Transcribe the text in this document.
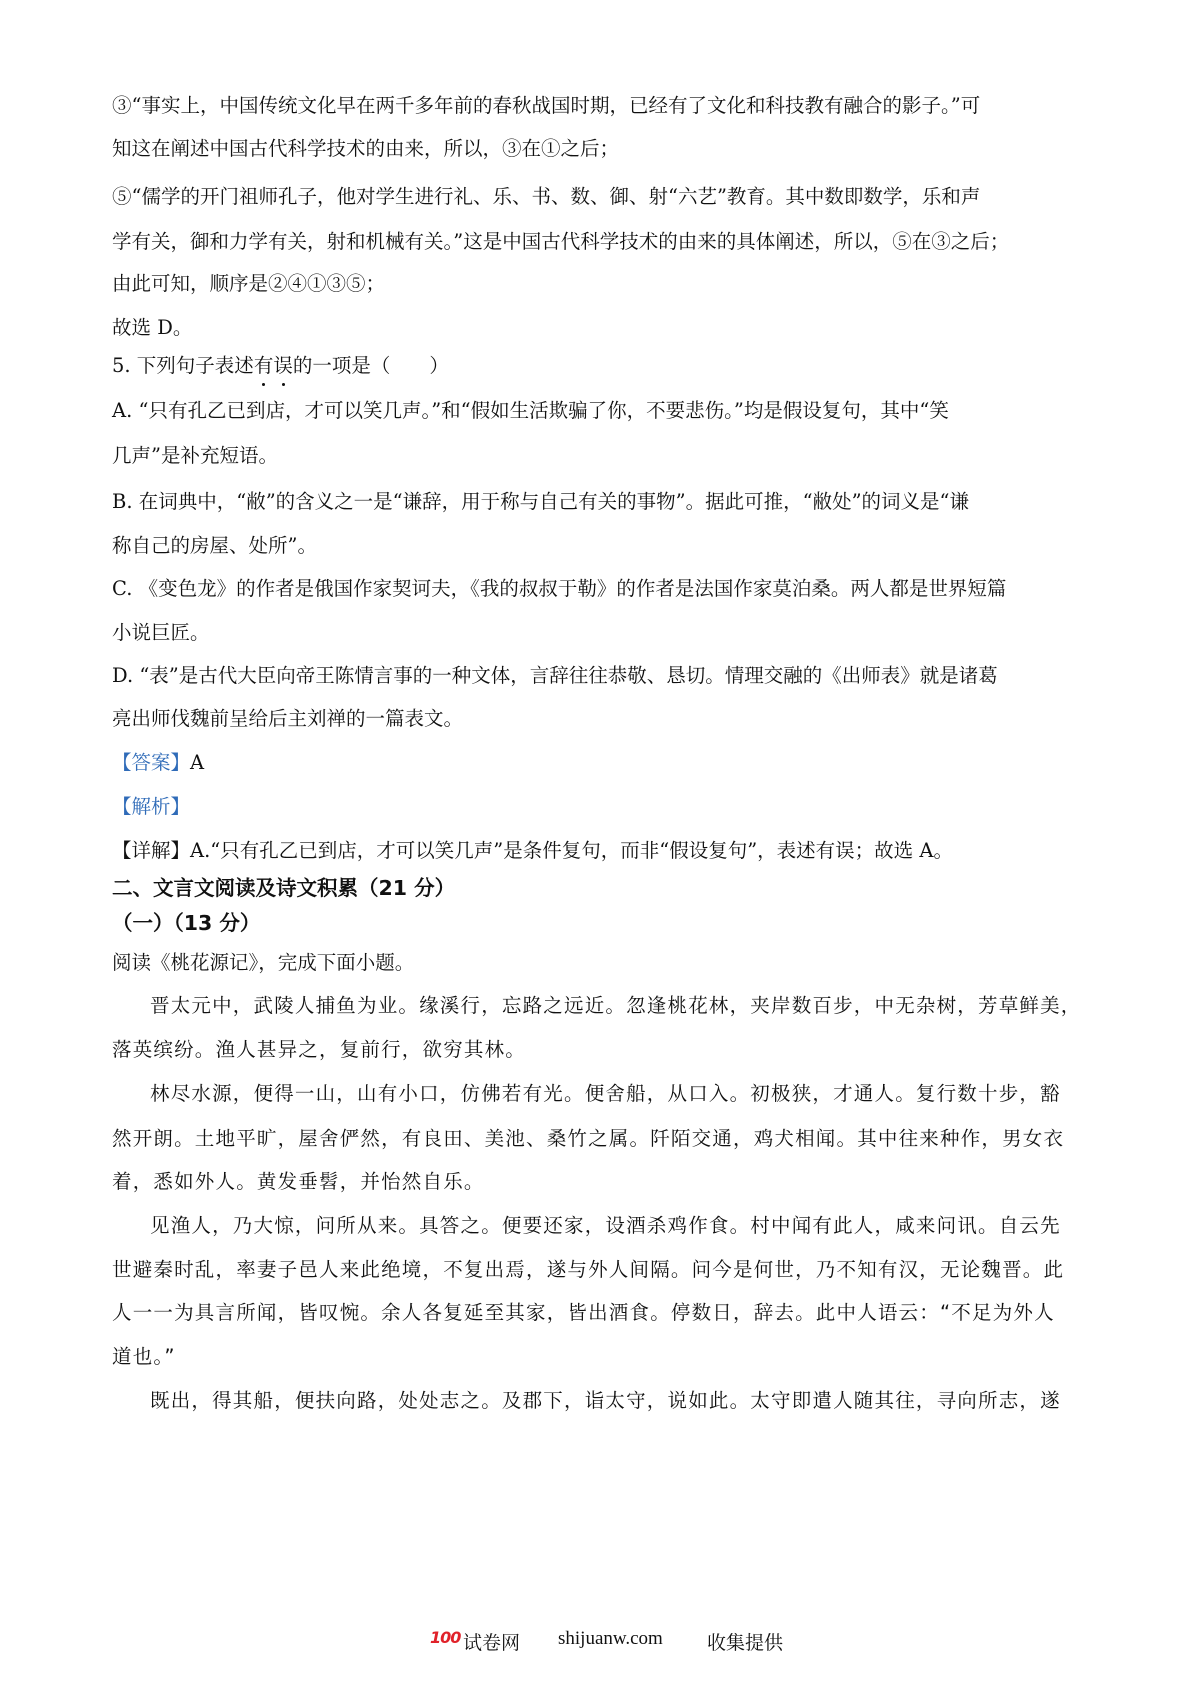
③“事实上，中国传统文化早在两千多年前的春秋战国时期，已经有了文化和科技教有融合的影子。”可
知这在阐述中国古代科学技术的由来，所以，③在①之后；
⑤“儒学的开门祖师孔子，他对学生进行礼、乐、书、数、御、射“六艺”教育。其中数即数学，乐和声
学有关，御和力学有关，射和机械有关。”这是中国古代科学技术的由来的具体阐述，所以，⑤在③之后；
由此可知，顺序是②④①③⑤；
故选 D。
5. 下列句子表述有误的一项是（　　）
A. “只有孔乙已到店，才可以笑几声。”和“假如生活欺骗了你，不要悲伤。”均是假设复句，其中“笑
几声”是补充短语。
B. 在词典中，“敝”的含义之一是“谦辞，用于称与自己有关的事物”。据此可推，“敝处”的词义是“谦
称自己的房屋、处所”。
C. 《变色龙》的作者是俄国作家契诃夫，《我的叔叔于勒》的作者是法国作家莫泊桑。两人都是世界短篇
小说巨匠。
D. “表”是古代大臣向帝王陈情言事的一种文体，言辞往往恭敬、恳切。情理交融的《出师表》就是诸葛
亮出师伐魏前呈给后主刘禅的一篇表文。
【答案】A
【解析】
【详解】A.“只有孔乙已到店，才可以笑几声”是条件复句，而非“假设复句”，表述有误；故选 A。
二、文言文阅读及诗文积累（21 分）
（一）（13 分）
阅读《桃花源记》，完成下面小题。
晋太元中，武陵人捕鱼为业。缘溪行，忘路之远近。忽逢桃花林，夹岸数百步，中无杂树，芳草鲜美，
落英缤纷。渔人甚异之，复前行，欲穷其林。
林尽水源，便得一山，山有小口，仿佛若有光。便舍船，从口入。初极狭，才通人。复行数十步，豁
然开朗。土地平旷，屋舍俨然，有良田、美池、桑竹之属。阡陌交通，鸡犬相闻。其中往来种作，男女衣
着，悉如外人。黄发垂髫，并怡然自乐。
见渔人，乃大惊，问所从来。具答之。便要还家，设酒杀鸡作食。村中闻有此人，咸来问讯。自云先
世避秦时乱，率妻子邑人来此绝境，不复出焉，遂与外人间隔。问今是何世，乃不知有汉，无论魏晋。此
人一一为具言所闻，皆叹惋。余人各复延至其家，皆出酒食。停数日，辞去。此中人语云：“不足为外人
道也。”
既出，得其船，便扶向路，处处志之。及郡下，诣太守，说如此。太守即遣人随其往，寻向所志，遂
100 试卷网 shijuanw.com 收集提供
